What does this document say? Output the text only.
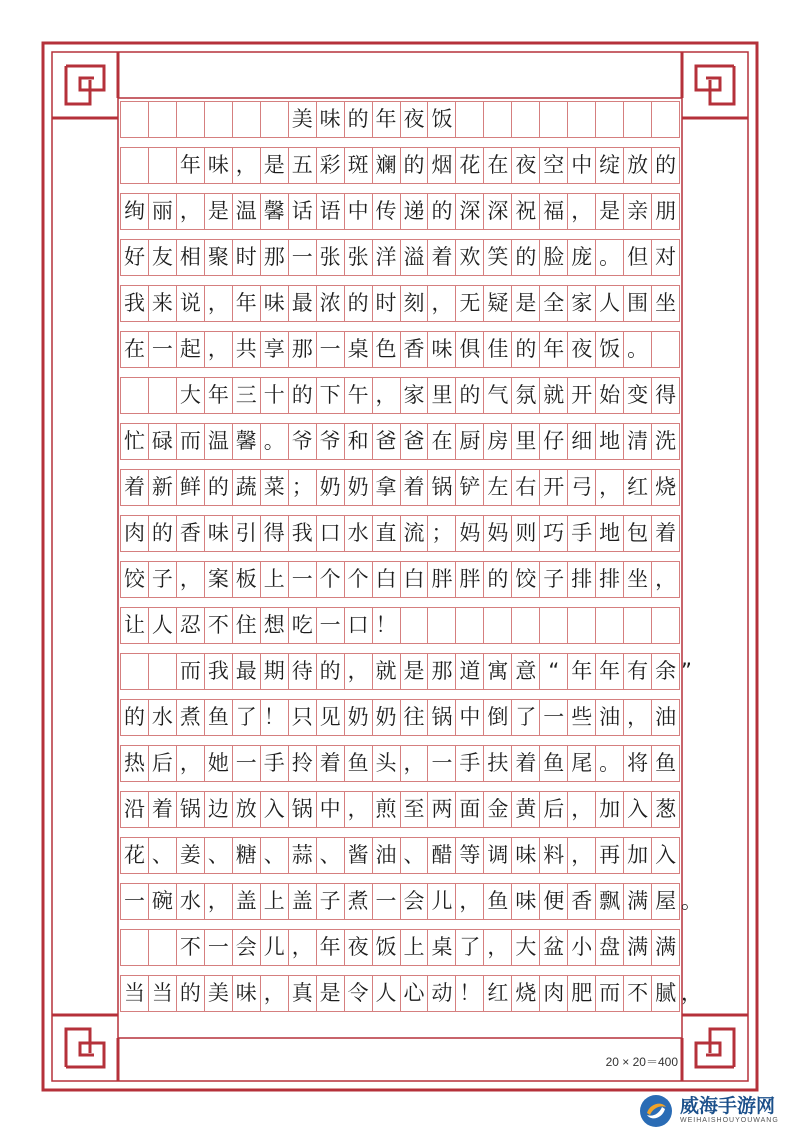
美 味 的 年 夜 饭
年 味 ， 是 五 彩 斑 斓 的 烟 花 在 夜 空 中 绽 放 的
绚 丽 ， 是 温 馨 话 语 中 传 递 的 深 深 祝 福 ， 是 亲 朋
好 友 相 聚 时 那 一 张 张 洋 溢 着 欢 笑 的 脸 庞 。 但 对
我 来 说 ， 年 味 最 浓 的 时 刻 ， 无 疑 是 全 家 人 围 坐
在 一 起 ， 共 享 那 一 桌 色 香 味 俱 佳 的 年 夜 饭 。
大 年 三 十 的 下 午 ， 家 里 的 气 氛 就 开 始 变 得
忙 碌 而 温 馨 。 爷 爷 和 爸 爸 在 厨 房 里 仔 细 地 清 洗
着 新 鲜 的 蔬 菜 ； 奶 奶 拿 着 锅 铲 左 右 开 弓 ， 红 烧
肉 的 香 味 引 得 我 口 水 直 流 ； 妈 妈 则 巧 手 地 包 着
饺 子 ， 案 板 上 一 个 个 白 白 胖 胖 的 饺 子 排 排 坐 ，
让 人 忍 不 住 想 吃 一 口 ！
而 我 最 期 待 的 ， 就 是 那 道 寓 意 “ 年 年 有 余 ”
的 水 煮 鱼 了 ！ 只 见 奶 奶 往 锅 中 倒 了 一 些 油 ， 油
热 后 ， 她 一 手 拎 着 鱼 头 ， 一 手 扶 着 鱼 尾 。 将 鱼
沿 着 锅 边 放 入 锅 中 ， 煎 至 两 面 金 黄 后 ， 加 入 葱
花 、 姜 、 糖 、 蒜 、 酱 油 、 醋 等 调 味 料 ， 再 加 入
一 碗 水 ， 盖 上 盖 子 煮 一 会 儿 ， 鱼 味 便 香 飘 满 屋 。
不 一 会 儿 ， 年 夜 饭 上 桌 了 ， 大 盆 小 盘 满 满
当 当 的 美 味 ， 真 是 令 人 心 动 ！ 红 烧 肉 肥 而 不 腻 ，
20 × 20＝400
威海手游网
WEIHAISHOUYOUWANG
